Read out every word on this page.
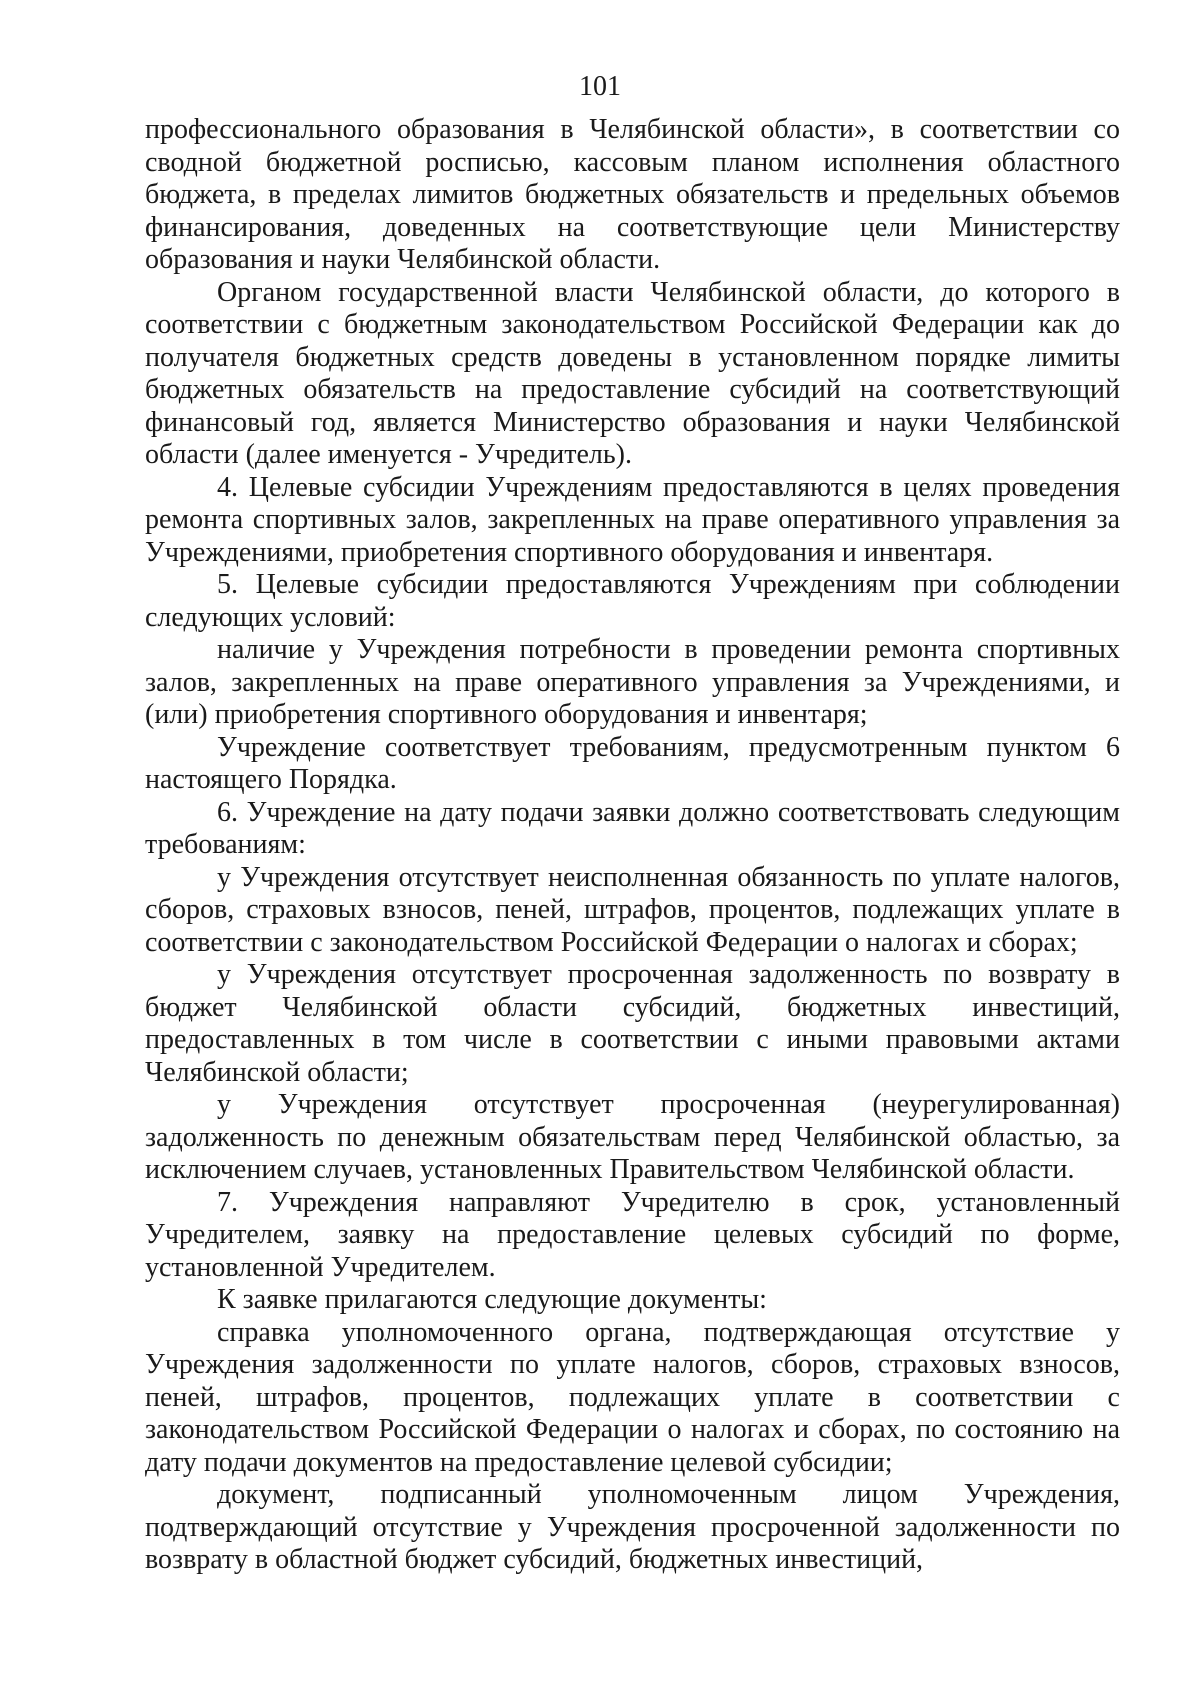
101

профессионального образования в Челябинской области», в соответствии со сводной бюджетной росписью, кассовым планом исполнения областного бюджета, в пределах лимитов бюджетных обязательств и предельных объемов финансирования, доведенных на соответствующие цели Министерству образования и науки Челябинской области.

Органом государственной власти Челябинской области, до которого в соответствии с бюджетным законодательством Российской Федерации как до получателя бюджетных средств доведены в установленном порядке лимиты бюджетных обязательств на предоставление субсидий на соответствующий финансовый год, является Министерство образования и науки Челябинской области (далее именуется - Учредитель).

4. Целевые субсидии Учреждениям предоставляются в целях проведения ремонта спортивных залов, закрепленных на праве оперативного управления за Учреждениями, приобретения спортивного оборудования и инвентаря.

5. Целевые субсидии предоставляются Учреждениям при соблюдении следующих условий:

наличие у Учреждения потребности в проведении ремонта спортивных залов, закрепленных на праве оперативного управления за Учреждениями, и (или) приобретения спортивного оборудования и инвентаря;

Учреждение соответствует требованиям, предусмотренным пунктом 6 настоящего Порядка.

6. Учреждение на дату подачи заявки должно соответствовать следующим требованиям:

у Учреждения отсутствует неисполненная обязанность по уплате налогов, сборов, страховых взносов, пеней, штрафов, процентов, подлежащих уплате в соответствии с законодательством Российской Федерации о налогах и сборах;

у Учреждения отсутствует просроченная задолженность по возврату в бюджет Челябинской области субсидий, бюджетных инвестиций, предоставленных в том числе в соответствии с иными правовыми актами Челябинской области;

у Учреждения отсутствует просроченная (неурегулированная) задолженность по денежным обязательствам перед Челябинской областью, за исключением случаев, установленных Правительством Челябинской области.

7. Учреждения направляют Учредителю в срок, установленный Учредителем, заявку на предоставление целевых субсидий по форме, установленной Учредителем.

К заявке прилагаются следующие документы:

справка уполномоченного органа, подтверждающая отсутствие у Учреждения задолженности по уплате налогов, сборов, страховых взносов, пеней, штрафов, процентов, подлежащих уплате в соответствии с законодательством Российской Федерации о налогах и сборах, по состоянию на дату подачи документов на предоставление целевой субсидии;

документ, подписанный уполномоченным лицом Учреждения, подтверждающий отсутствие у Учреждения просроченной задолженности по возврату в областной бюджет субсидий, бюджетных инвестиций,
